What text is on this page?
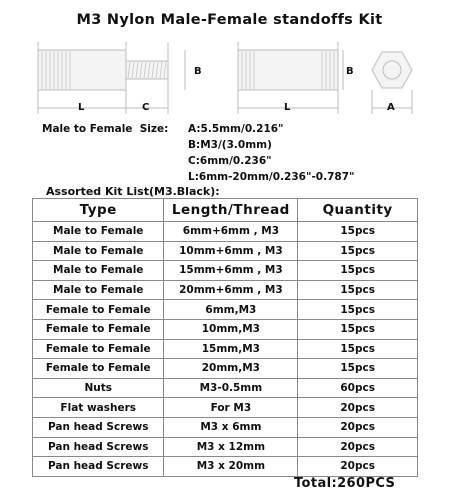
M3 Nylon Male-Female standoffs Kit
B
L	C
B
L	A
Male to Female  Size: A:5.5mm/0.216"
B:M3/(3.0mm)
C:6mm/0.236"
L:6mm-20mm/0.236"-0.787"
Assorted Kit List(M3.Black):
Type	Length/Thread	Quantity
Male to Female	6mm+6mm , M3	15pcs
Male to Female	10mm+6mm , M3	15pcs
Male to Female	15mm+6mm , M3	15pcs
Male to Female	20mm+6mm , M3	15pcs
Female to Female	6mm,M3	15pcs
Female to Female	10mm,M3	15pcs
Female to Female	15mm,M3	15pcs
Female to Female	20mm,M3	15pcs
Nuts	M3-0.5mm	60pcs
Flat washers	For M3	20pcs
Pan head Screws	M3 x 6mm	20pcs
Pan head Screws	M3 x 12mm	20pcs
Pan head Screws	M3 x 20mm	20pcs
Total:260PCS
